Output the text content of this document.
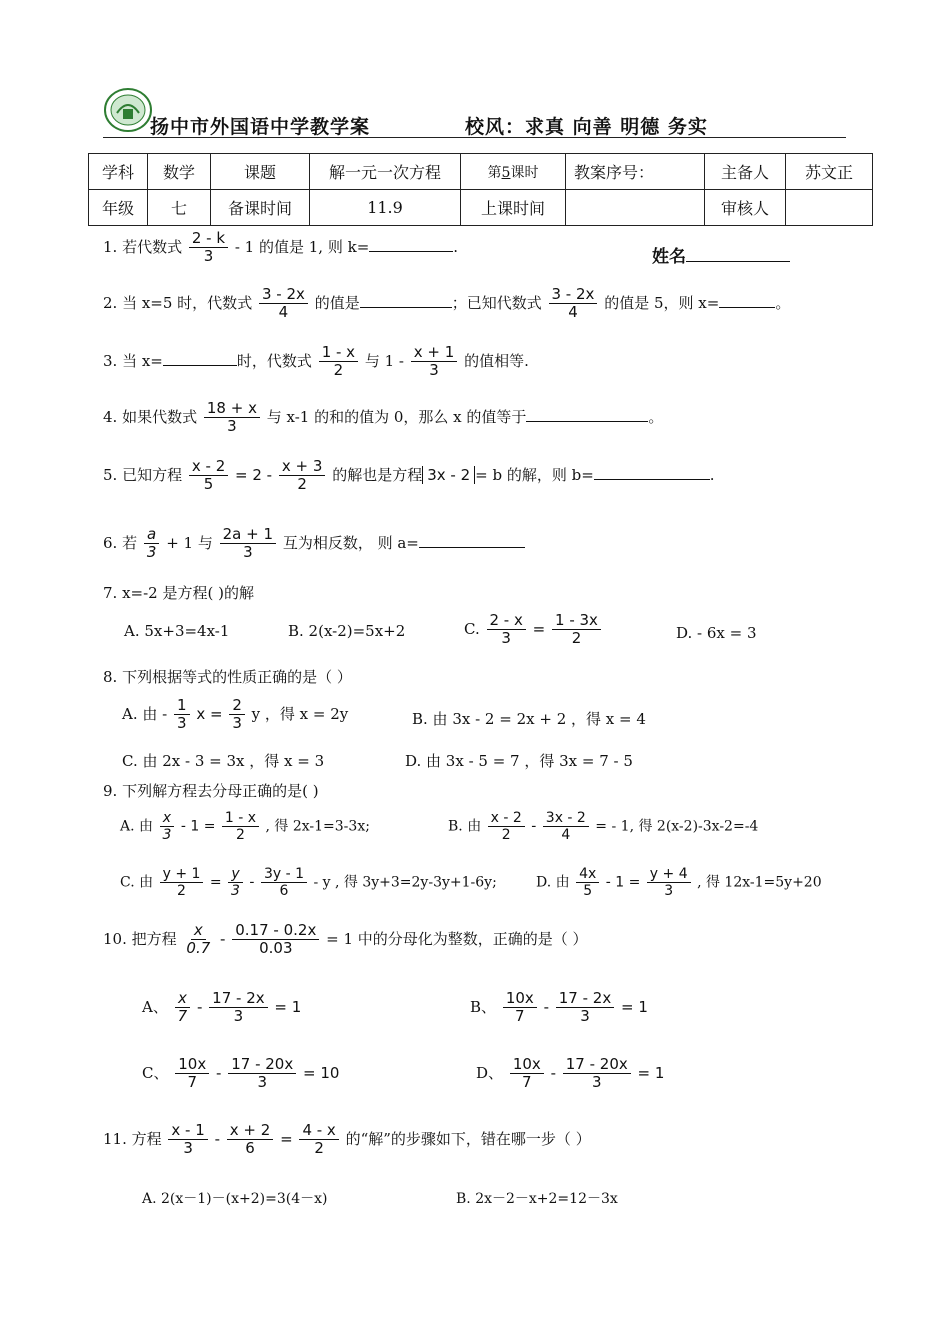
扬中市外国语中学教学案	校风：求真 向善 明德 务实
学科	数学	课题	解一元一次方程	第5课时	教案序号：	主备人	苏文正
年级	七	备课时间	11.9	上课时间		审核人	
1. 若代数式 $\frac{2 - k}{3} - 1$ 的值是 1, 则 k=	.
姓名
2. 当 x=5 时，代数式 $\frac{3 - 2x}{4}$ 的值是	；已知代数式 $\frac{3 - 2x}{4}$ 的值是 5，则 x=	。
3. 当 x=	时，代数式 $\frac{1 - x}{2}$ 与 $1 - \frac{x + 1}{3}$ 的值相等.
4. 如果代数式 $\frac{18 + x}{3}$ 与 x-1 的和的值为 0，那么 x 的值等于	。
5. 已知方程 $\frac{x - 2}{5} = 2 - \frac{x + 3}{2}$ 的解也是方程 3x - 2 = b 的解，则 b=	.
6. 若 $\frac{a}{3} + 1$ 与 $\frac{2a + 1}{3}$ 互为相反数， 则 a=
7. x=-2 是方程( )的解
A. 5x+3=4x-1	B. 2(x-2)=5x+2	C. $\frac{2 - x}{3} = \frac{1 - 3x}{2}$	D. - 6x = 3
8. 下列根据等式的性质正确的是（ ）
A. 由 - $\frac{1}{3}$ $x = \frac{2}{3}$ y ，得 x = 2y	B. 由 3x - 2 = 2x + 2 ，得 x = 4
C. 由 2x - 3 = 3x ，得 x = 3	D. 由 3x - 5 = 7 ，得 3x = 7 - 5
9. 下列解方程去分母正确的是( )
A. 由 $\frac{x}{3} - 1 = \frac{1 - x}{2}$ , 得 2x-1=3-3x;	B. 由 $\frac{x - 2}{2} - \frac{3x - 2}{4}$ = - 1, 得 2(x-2)-3x-2=-4
C. 由 $\frac{y + 1}{2} = \frac{y}{3} - \frac{3y - 1}{6} - y$ , 得 3y+3=2y-3y+1-6y;	D. 由 $\frac{4x}{5} - 1 = \frac{y + 4}{3}$ , 得 12x-1=5y+20
10. 把方程 $\frac{x}{0.7} - \frac{0.17 - 0.2x}{0.03} = 1$ 中的分母化为整数，正确的是（ ）
A、 $\frac{x}{7} - \frac{17 - 2x}{3} = 1$	B、 $\frac{10x}{7} - \frac{17 - 2x}{3} = 1$
C、 $\frac{10x}{7} - \frac{17 - 20x}{3} = 10$	D、 $\frac{10x}{7} - \frac{17 - 20x}{3} = 1$
11. 方程 $\frac{x - 1}{3} - \frac{x + 2}{6} = \frac{4 - x}{2}$ 的“解”的步骤如下，错在哪一步（ ）
A. 2(x－1)－(x+2)=3(4－x)	B. 2x－2－x+2=12－3x
